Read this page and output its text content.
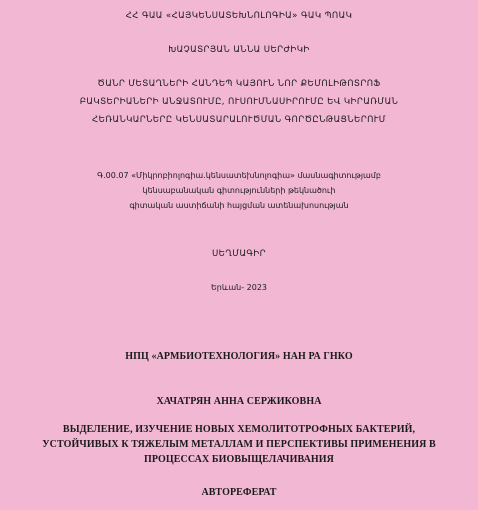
ՀՀ ԳԱԱ «ՀԱՅԿԵՆՍԱՏԵԽՆՈԼՈԳԻԱ» ԳԱԿ ՊՈԱԿ
ԽԱՉԱՏՐՅԱՆ ԱՆՆԱ ՍԵՐԺԻԿԻ
ԾԱՆՐ ՄԵՏԱՂՆԵՐԻ ՀԱՆԴԵՊ ԿԱՅՈՒՆ ՆՈՐ ՔԵՄՈԼԻԹՈՏՐՈՖ
ԲԱԿՏԵՐԻԱՆԵՐԻ ԱՆՋԱՏՈՒՄԸ, ՈՒՍՈՒՄՆԱՍԻՐՈՒՄԸ ԵՎ ԿԻՐԱՌՄԱՆ
ՀԵՌԱՆԿԱՐՆԵՐԸ ԿԵՆՍԱՏԱՐԱԼՈՒԾՄԱՆ ԳՈՐԾԸՆԹԱՑՆԵՐՈՒՄ
Գ.00.07 «Միկրոբիոլոգիա.կենսատեխնոլոգիա» մասնագիտությամբ
կենսաբանական գիտությունների թեկնածուի
գիտական աստիճանի հայցման ատենախոսության
ՍԵՂՄԱԳԻՐ
Երևան- 2023
НПЦ «АРМБИОТЕХНОЛОГИЯ» НАН РА ГНКО
ХАЧАТРЯН АННА СЕРЖИКОВНА
ВЫДЕЛЕНИЕ, ИЗУЧЕНИЕ НОВЫХ ХЕМОЛИТОТРОФНЫХ БАКТЕРИЙ,
УСТОЙЧИВЫХ К ТЯЖЕЛЫМ МЕТАЛЛАМ И ПЕРСПЕКТИВЫ ПРИМЕНЕНИЯ В
ПРОЦЕССАХ БИОВЫЩЕЛАЧИВАНИЯ
АВТОРЕФЕРАТ
